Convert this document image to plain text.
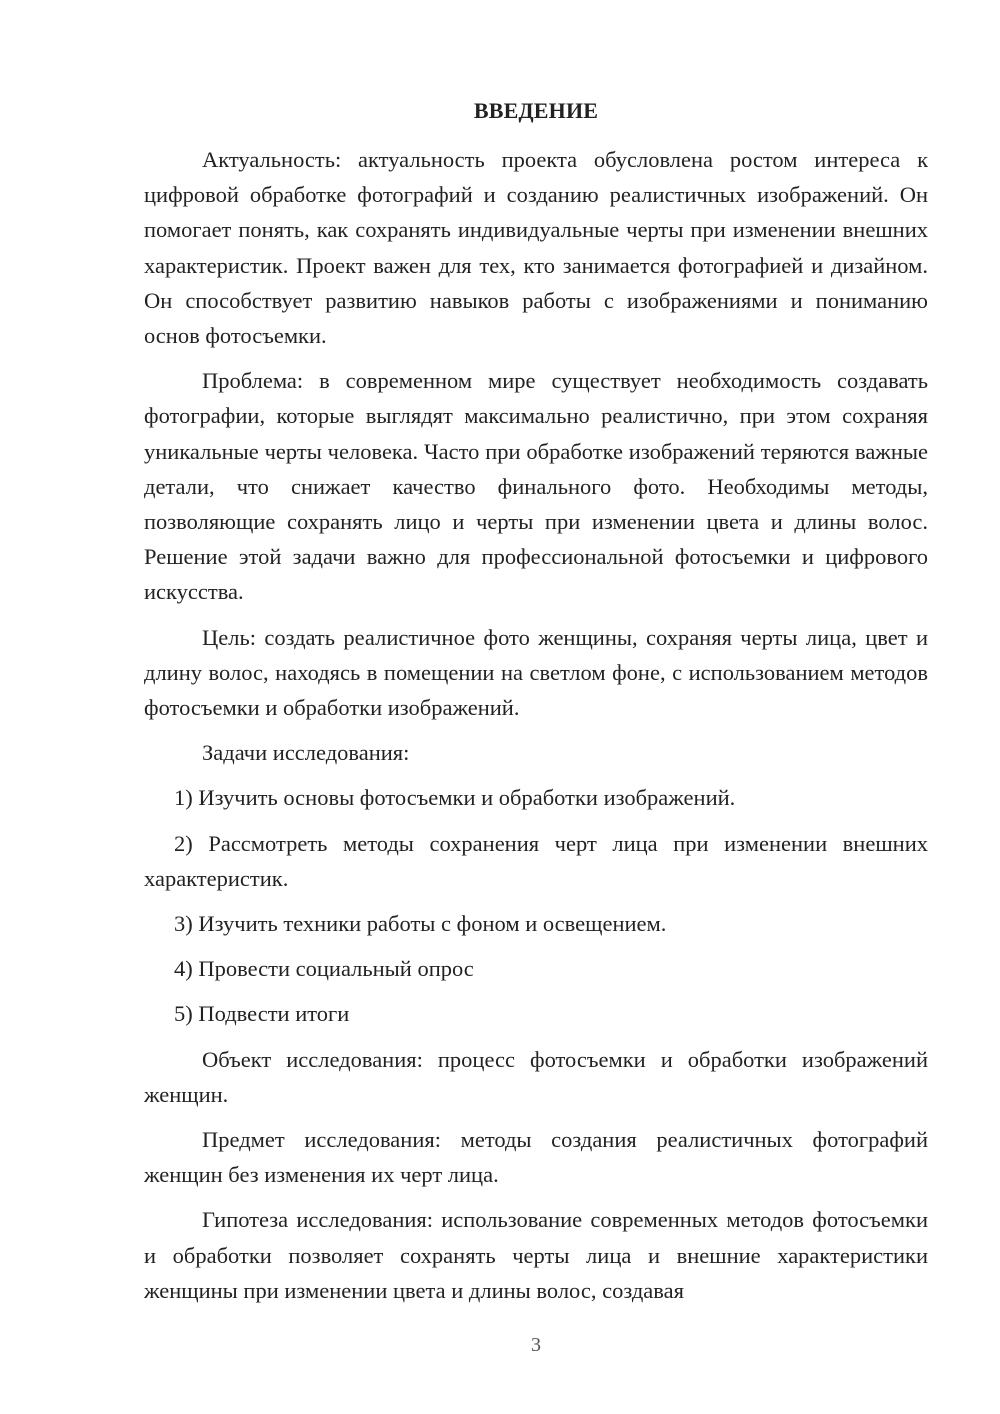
ВВЕДЕНИЕ

Актуальность: актуальность проекта обусловлена ростом интереса к цифровой обработке фотографий и созданию реалистичных изображений. Он помогает понять, как сохранять индивидуальные черты при изменении внешних характеристик. Проект важен для тех, кто занимается фотографией и дизайном. Он способствует развитию навыков работы с изображениями и пониманию основ фотосъемки.

Проблема: в современном мире существует необходимость создавать фотографии, которые выглядят максимально реалистично, при этом сохраняя уникальные черты человека. Часто при обработке изображений теряются важные детали, что снижает качество финального фото. Необходимы методы, позволяющие сохранять лицо и черты при изменении цвета и длины волос. Решение этой задачи важно для профессиональной фотосъемки и цифрового искусства.

Цель: создать реалистичное фото женщины, сохраняя черты лица, цвет и длину волос, находясь в помещении на светлом фоне, с использованием методов фотосъемки и обработки изображений.

Задачи исследования:

1) Изучить основы фотосъемки и обработки изображений.

2) Рассмотреть методы сохранения черт лица при изменении внешних характеристик.

3) Изучить техники работы с фоном и освещением.

4) Провести социальный опрос

5) Подвести итоги

Объект исследования: процесс фотосъемки и обработки изображений женщин.

Предмет исследования: методы создания реалистичных фотографий женщин без изменения их черт лица.

Гипотеза исследования: использование современных методов фотосъемки и обработки позволяет сохранять черты лица и внешние характеристики женщины при изменении цвета и длины волос, создавая

3
